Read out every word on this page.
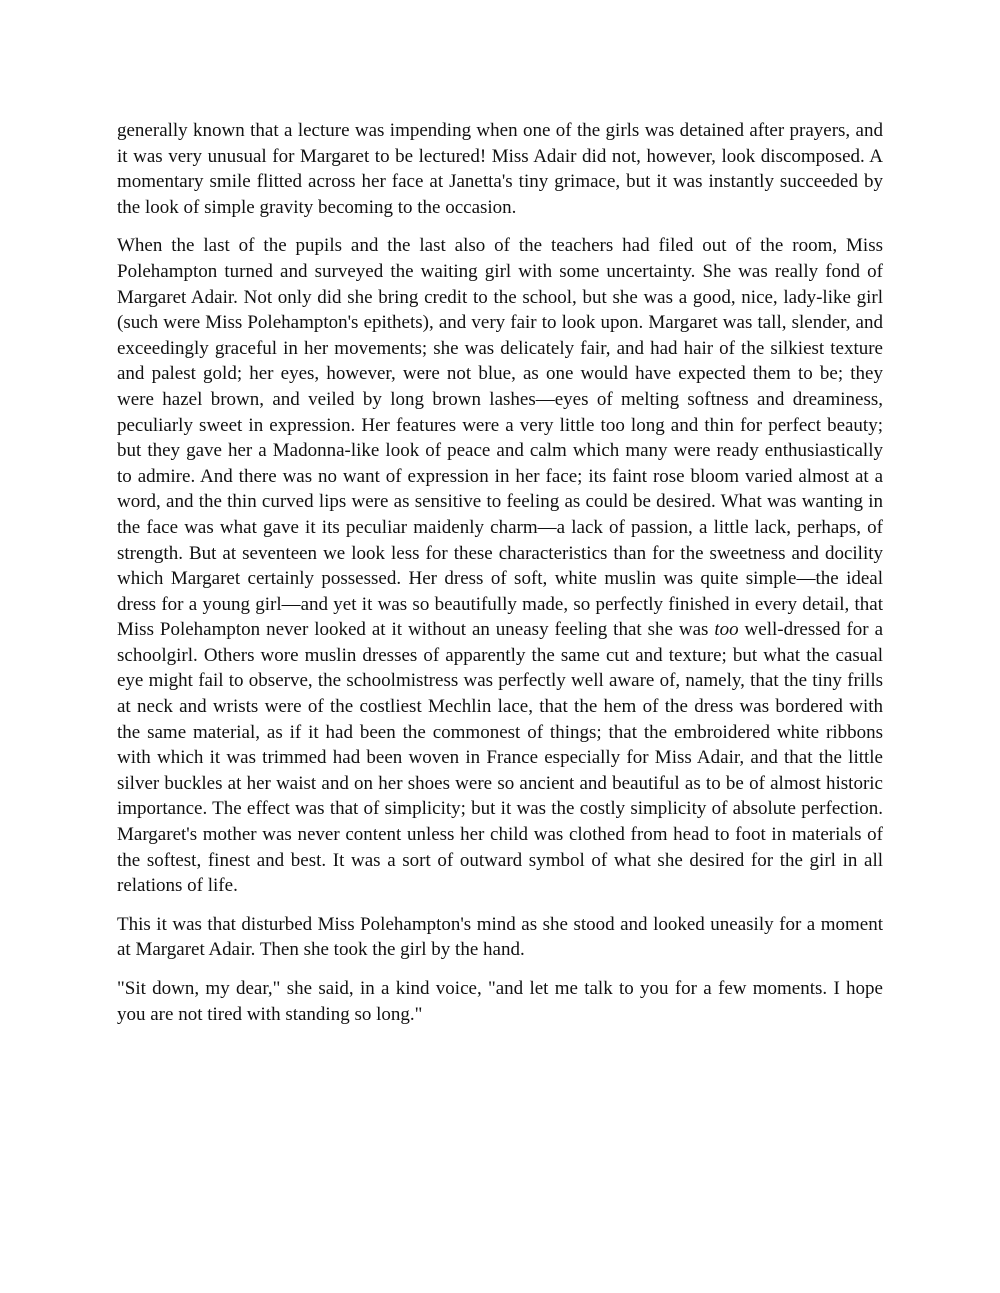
generally known that a lecture was impending when one of the girls was detained after prayers, and it was very unusual for Margaret to be lectured! Miss Adair did not, however, look discomposed. A momentary smile flitted across her face at Janetta's tiny grimace, but it was instantly succeeded by the look of simple gravity becoming to the occasion.

When the last of the pupils and the last also of the teachers had filed out of the room, Miss Polehampton turned and surveyed the waiting girl with some uncertainty. She was really fond of Margaret Adair. Not only did she bring credit to the school, but she was a good, nice, lady-like girl (such were Miss Polehampton's epithets), and very fair to look upon. Margaret was tall, slender, and exceedingly graceful in her movements; she was delicately fair, and had hair of the silkiest texture and palest gold; her eyes, however, were not blue, as one would have expected them to be; they were hazel brown, and veiled by long brown lashes—eyes of melting softness and dreaminess, peculiarly sweet in expression. Her features were a very little too long and thin for perfect beauty; but they gave her a Madonna-like look of peace and calm which many were ready enthusiastically to admire. And there was no want of expression in her face; its faint rose bloom varied almost at a word, and the thin curved lips were as sensitive to feeling as could be desired. What was wanting in the face was what gave it its peculiar maidenly charm—a lack of passion, a little lack, perhaps, of strength. But at seventeen we look less for these characteristics than for the sweetness and docility which Margaret certainly possessed. Her dress of soft, white muslin was quite simple—the ideal dress for a young girl—and yet it was so beautifully made, so perfectly finished in every detail, that Miss Polehampton never looked at it without an uneasy feeling that she was too well-dressed for a schoolgirl. Others wore muslin dresses of apparently the same cut and texture; but what the casual eye might fail to observe, the schoolmistress was perfectly well aware of, namely, that the tiny frills at neck and wrists were of the costliest Mechlin lace, that the hem of the dress was bordered with the same material, as if it had been the commonest of things; that the embroidered white ribbons with which it was trimmed had been woven in France especially for Miss Adair, and that the little silver buckles at her waist and on her shoes were so ancient and beautiful as to be of almost historic importance. The effect was that of simplicity; but it was the costly simplicity of absolute perfection. Margaret's mother was never content unless her child was clothed from head to foot in materials of the softest, finest and best. It was a sort of outward symbol of what she desired for the girl in all relations of life.

This it was that disturbed Miss Polehampton's mind as she stood and looked uneasily for a moment at Margaret Adair. Then she took the girl by the hand.

"Sit down, my dear," she said, in a kind voice, "and let me talk to you for a few moments. I hope you are not tired with standing so long."
